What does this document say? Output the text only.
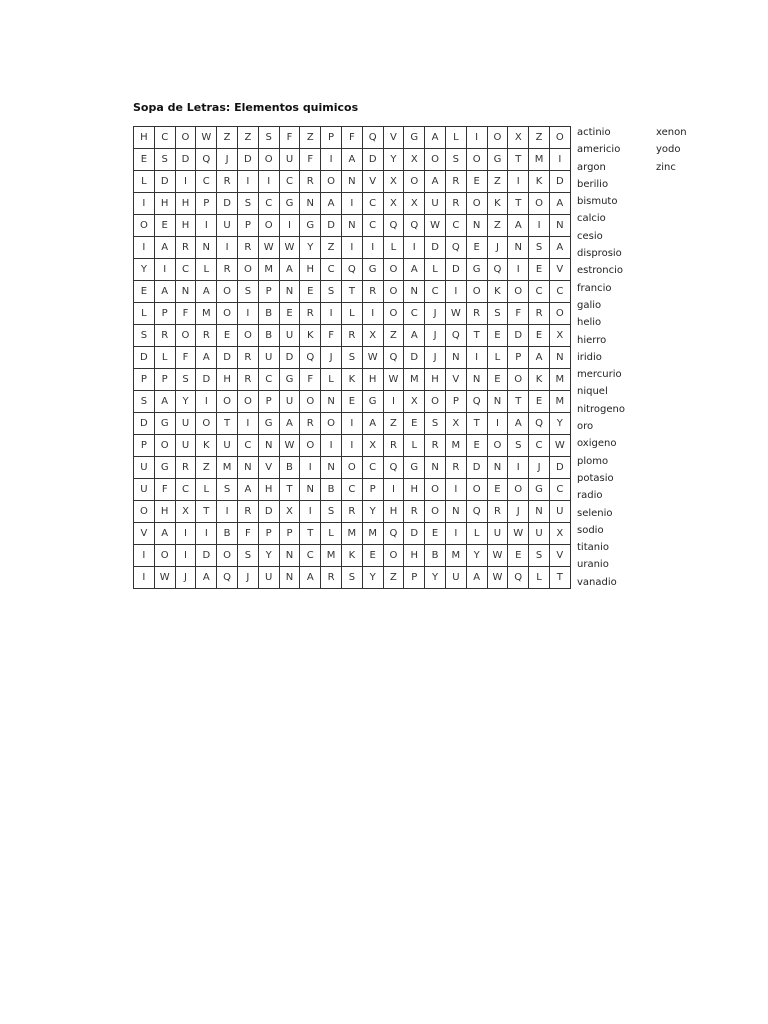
Sopa de Letras: Elementos quimicos
H	C	O	W	Z	Z	S	F	Z	P	F	Q	V	G	A	L	I	O	X	Z	O
E	S	D	Q	J	D	O	U	F	I	A	D	Y	X	O	S	O	G	T	M	I
L	D	I	C	R	I	I	C	R	O	N	V	X	O	A	R	E	Z	I	K	D
I	H	H	P	D	S	C	G	N	A	I	C	X	X	U	R	O	K	T	O	A
O	E	H	I	U	P	O	I	G	D	N	C	Q	Q	W	C	N	Z	A	I	N
I	A	R	N	I	R	W	W	Y	Z	I	I	L	I	D	Q	E	J	N	S	A
Y	I	C	L	R	O	M	A	H	C	Q	G	O	A	L	D	G	Q	I	E	V
E	A	N	A	O	S	P	N	E	S	T	R	O	N	C	I	O	K	O	C	C
L	P	F	M	O	I	B	E	R	I	L	I	O	C	J	W	R	S	F	R	O
S	R	O	R	E	O	B	U	K	F	R	X	Z	A	J	Q	T	E	D	E	X
D	L	F	A	D	R	U	D	Q	J	S	W	Q	D	J	N	I	L	P	A	N
P	P	S	D	H	R	C	G	F	L	K	H	W	M	H	V	N	E	O	K	M
S	A	Y	I	O	O	P	U	O	N	E	G	I	X	O	P	Q	N	T	E	M
D	G	U	O	T	I	G	A	R	O	I	A	Z	E	S	X	T	I	A	Q	Y
P	O	U	K	U	C	N	W	O	I	I	X	R	L	R	M	E	O	S	C	W
U	G	R	Z	M	N	V	B	I	N	O	C	Q	G	N	R	D	N	I	J	D
U	F	C	L	S	A	H	T	N	B	C	P	I	H	O	I	O	E	O	G	C
O	H	X	T	I	R	D	X	I	S	R	Y	H	R	O	N	Q	R	J	N	U
V	A	I	I	B	F	P	P	T	L	M	M	Q	D	E	I	L	U	W	U	X
I	O	I	D	O	S	Y	N	C	M	K	E	O	H	B	M	Y	W	E	S	V
I	W	J	A	Q	J	U	N	A	R	S	Y	Z	P	Y	U	A	W	Q	L	T
actinio
americio
argon
berilio
bismuto
calcio
cesio
disprosio
estroncio
francio
galio
helio
hierro
iridio
mercurio
niquel
nitrogeno
oro
oxigeno
plomo
potasio
radio
selenio
sodio
titanio
uranio
vanadio
xenon
yodo
zinc
